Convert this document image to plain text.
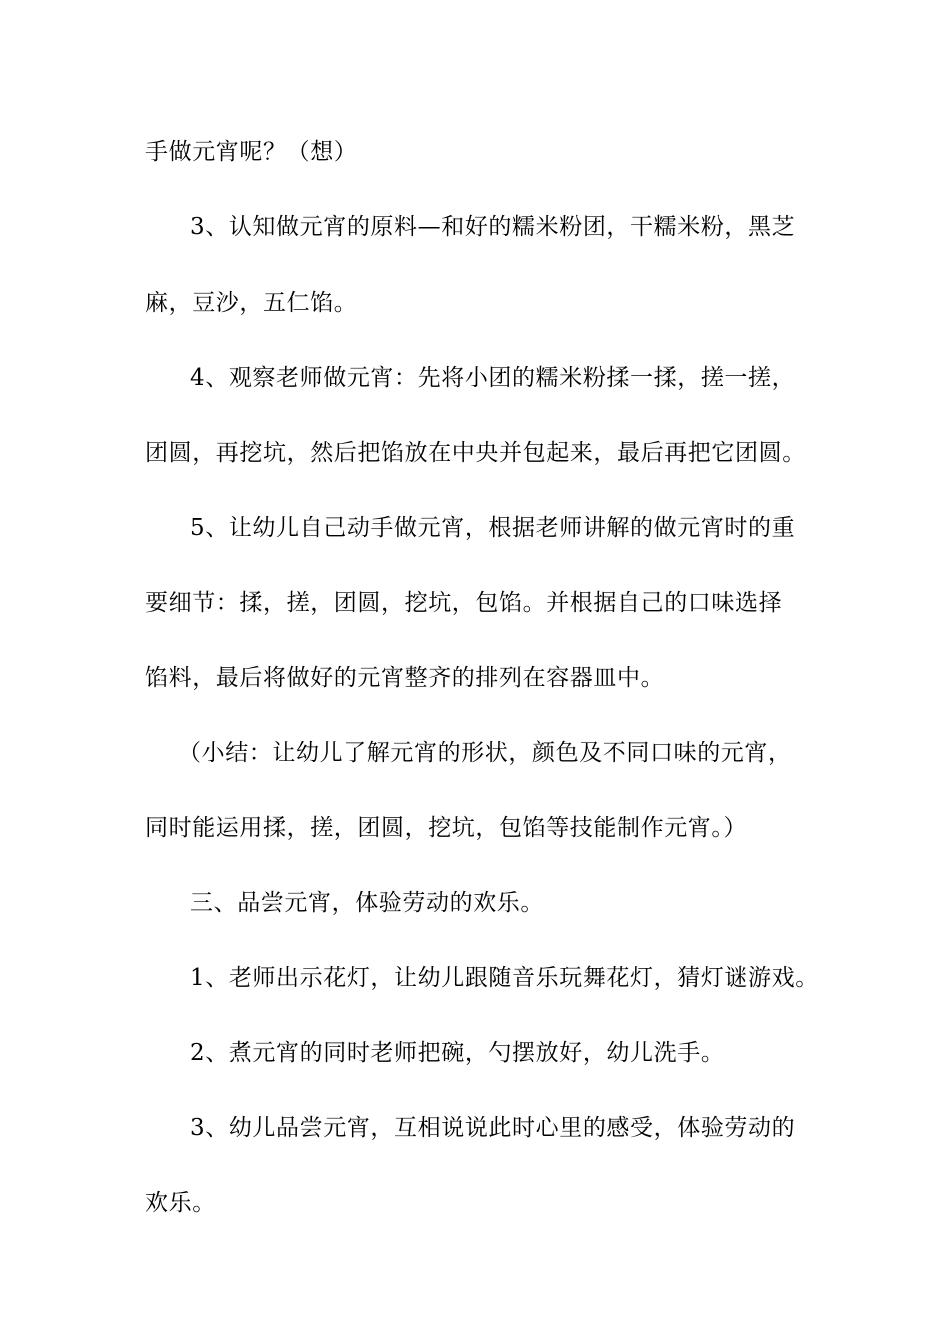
手做元宵呢？（想）
3、认知做元宵的原料—和好的糯米粉团，干糯米粉，黑芝
麻，豆沙，五仁馅。
4、观察老师做元宵：先将小团的糯米粉揉一揉，搓一搓，
团圆，再挖坑，然后把馅放在中央并包起来，最后再把它团圆。
5、让幼儿自己动手做元宵，根据老师讲解的做元宵时的重
要细节：揉，搓，团圆，挖坑，包馅。并根据自己的口味选择
馅料，最后将做好的元宵整齐的排列在容器皿中。
（小结：让幼儿了解元宵的形状，颜色及不同口味的元宵，
同时能运用揉，搓，团圆，挖坑，包馅等技能制作元宵。）
三、品尝元宵，体验劳动的欢乐。
1、老师出示花灯，让幼儿跟随音乐玩舞花灯，猜灯谜游戏。
2、煮元宵的同时老师把碗，勺摆放好，幼儿洗手。
3、幼儿品尝元宵，互相说说此时心里的感受，体验劳动的
欢乐。
